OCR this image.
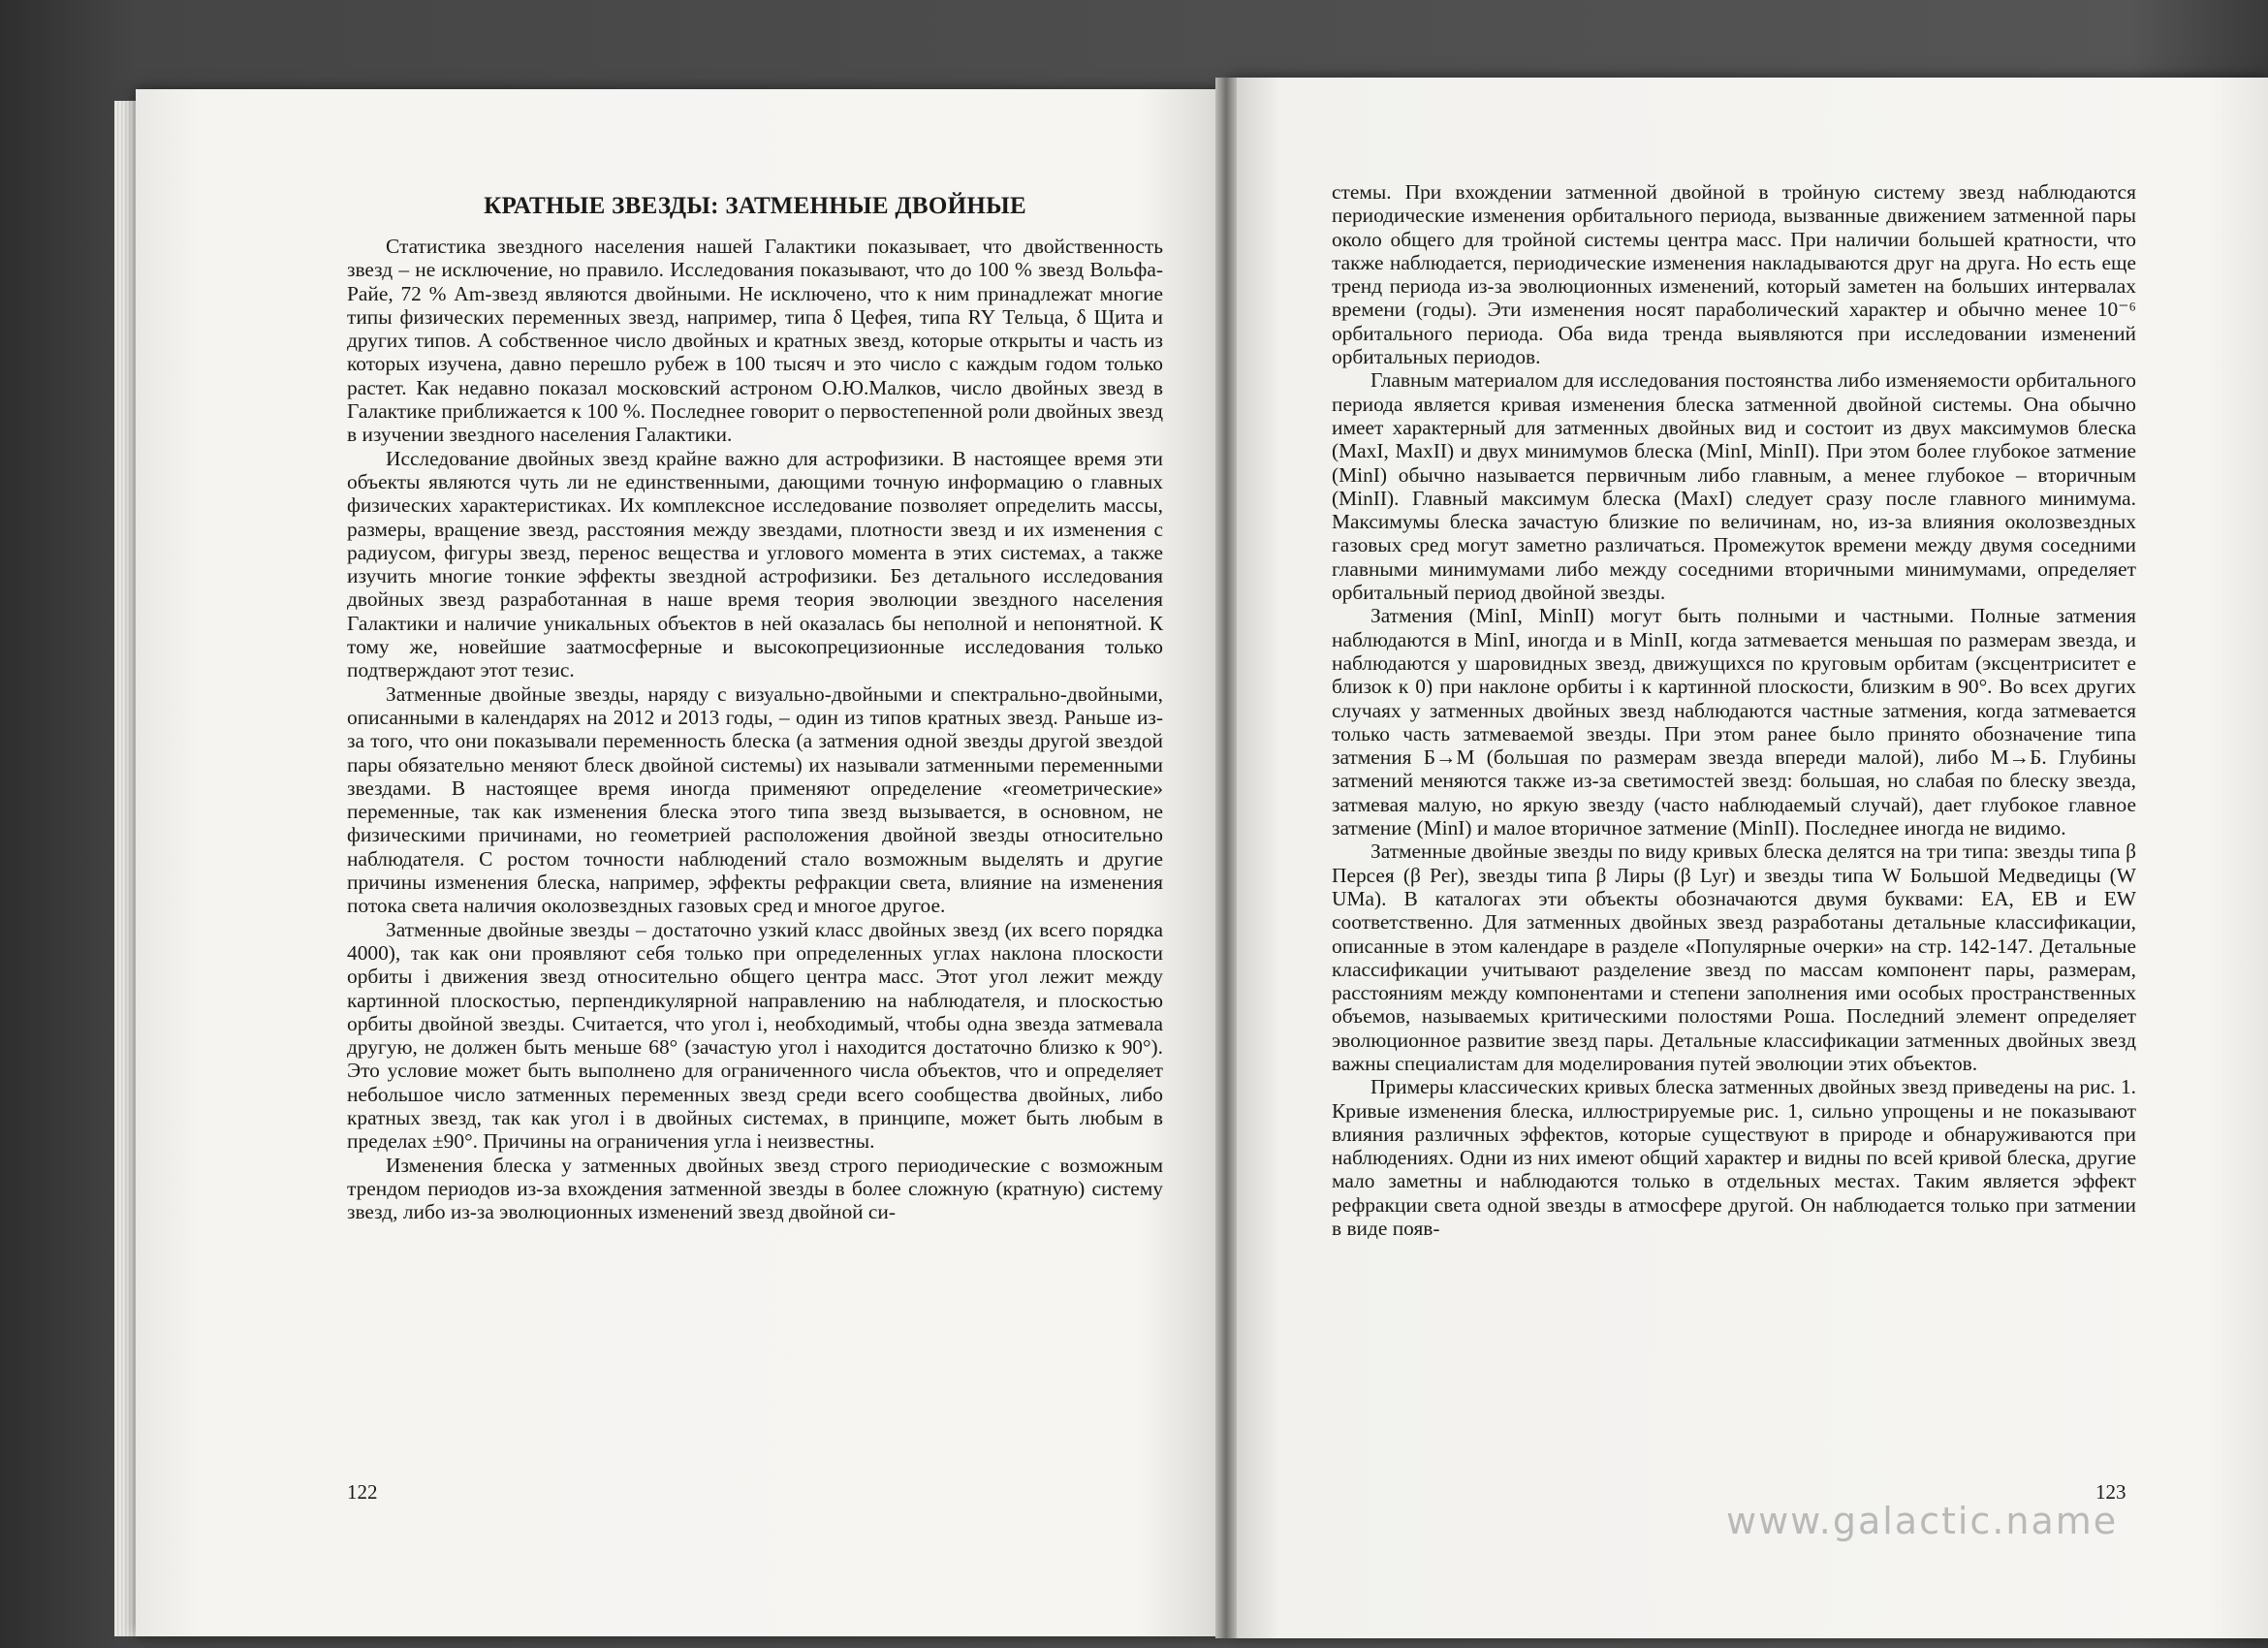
КРАТНЫЕ ЗВЕЗДЫ: ЗАТМЕННЫЕ ДВОЙНЫЕ

Статистика звездного населения нашей Галактики показывает, что двойственность звезд – не исключение, но правило. Исследования показывают, что до 100 % звезд Вольфа-Райе, 72 % Am-звезд являются двойными. Не исключено, что к ним принадлежат многие типы физических переменных звезд, например, типа δ Цефея, типа RY Тельца, δ Щита и других типов. А собственное число двойных и кратных звезд, которые открыты и часть из которых изучена, давно перешло рубеж в 100 тысяч и это число с каждым годом только растет. Как недавно показал московский астроном О.Ю.Малков, число двойных звезд в Галактике приближается к 100 %. Последнее говорит о первостепенной роли двойных звезд в изучении звездного населения Галактики.

Исследование двойных звезд крайне важно для астрофизики. В настоящее время эти объекты являются чуть ли не единственными, дающими точную информацию о главных физических характеристиках. Их комплексное исследование позволяет определить массы, размеры, вращение звезд, расстояния между звездами, плотности звезд и их изменения с радиусом, фигуры звезд, перенос вещества и углового момента в этих системах, а также изучить многие тонкие эффекты звездной астрофизики. Без детального исследования двойных звезд разработанная в наше время теория эволюции звездного населения Галактики и наличие уникальных объектов в ней оказалась бы неполной и непонятной. К тому же, новейшие заатмосферные и высокопрецизионные исследования только подтверждают этот тезис.

Затменные двойные звезды, наряду с визуально-двойными и спектрально-двойными, описанными в календарях на 2012 и 2013 годы, – один из типов кратных звезд. Раньше из-за того, что они показывали переменность блеска (а затмения одной звезды другой звездой пары обязательно меняют блеск двойной системы) их называли затменными переменными звездами. В настоящее время иногда применяют определение «геометрические» переменные, так как изменения блеска этого типа звезд вызывается, в основном, не физическими причинами, но геометрией расположения двойной звезды относительно наблюдателя. С ростом точности наблюдений стало возможным выделять и другие причины изменения блеска, например, эффекты рефракции света, влияние на изменения потока света наличия околозвездных газовых сред и многое другое.

Затменные двойные звезды – достаточно узкий класс двойных звезд (их всего порядка 4000), так как они проявляют себя только при определенных углах наклона плоскости орбиты i движения звезд относительно общего центра масс. Этот угол лежит между картинной плоскостью, перпендикулярной направлению на наблюдателя, и плоскостью орбиты двойной звезды. Считается, что угол i, необходимый, чтобы одна звезда затмевала другую, не должен быть меньше 68° (зачастую угол i находится достаточно близко к 90°). Это условие может быть выполнено для ограниченного числа объектов, что и определяет небольшое число затменных переменных звезд среди всего сообщества двойных, либо кратных звезд, так как угол i в двойных системах, в принципе, может быть любым в пределах ±90°. Причины на ограничения угла i неизвестны.

Изменения блеска у затменных двойных звезд строго периодические с возможным трендом периодов из-за вхождения затменной звезды в более сложную (кратную) систему звезд, либо из-за эволюционных изменений звезд двойной си-

122

стемы. При вхождении затменной двойной в тройную систему звезд наблюдаются периодические изменения орбитального периода, вызванные движением затменной пары около общего для тройной системы центра масс. При наличии большей кратности, что также наблюдается, периодические изменения накладываются друг на друга. Но есть еще тренд периода из-за эволюционных изменений, который заметен на больших интервалах времени (годы). Эти изменения носят параболический характер и обычно менее 10⁻⁶ орбитального периода. Оба вида тренда выявляются при исследовании изменений орбитальных периодов.

Главным материалом для исследования постоянства либо изменяемости орбитального периода является кривая изменения блеска затменной двойной системы. Она обычно имеет характерный для затменных двойных вид и состоит из двух максимумов блеска (MaxI, MaxII) и двух минимумов блеска (MinI, MinII). При этом более глубокое затмение (MinI) обычно называется первичным либо главным, а менее глубокое – вторичным (MinII). Главный максимум блеска (MaxI) следует сразу после главного минимума. Максимумы блеска зачастую близкие по величинам, но, из-за влияния околозвездных газовых сред могут заметно различаться. Промежуток времени между двумя соседними главными минимумами либо между соседними вторичными минимумами, определяет орбитальный период двойной звезды.

Затмения (MinI, MinII) могут быть полными и частными. Полные затмения наблюдаются в MinI, иногда и в MinII, когда затмевается меньшая по размерам звезда, и наблюдаются у шаровидных звезд, движущихся по круговым орбитам (эксцентриситет e близок к 0) при наклоне орбиты i к картинной плоскости, близким в 90°. Во всех других случаях у затменных двойных звезд наблюдаются частные затмения, когда затмевается только часть затмеваемой звезды. При этом ранее было принято обозначение типа затмения Б→М (большая по размерам звезда впереди малой), либо М→Б. Глубины затмений меняются также из-за светимостей звезд: большая, но слабая по блеску звезда, затмевая малую, но яркую звезду (часто наблюдаемый случай), дает глубокое главное затмение (MinI) и малое вторичное затмение (MinII). Последнее иногда не видимо.

Затменные двойные звезды по виду кривых блеска делятся на три типа: звезды типа β Персея (β Per), звезды типа β Лиры (β Lyr) и звезды типа W Большой Медведицы (W UMa). В каталогах эти объекты обозначаются двумя буквами: EA, EB и EW соответственно. Для затменных двойных звезд разработаны детальные классификации, описанные в этом календаре в разделе «Популярные очерки» на стр. 142-147. Детальные классификации учитывают разделение звезд по массам компонент пары, размерам, расстояниям между компонентами и степени заполнения ими особых пространственных объемов, называемых критическими полостями Роша. Последний элемент определяет эволюционное развитие звезд пары. Детальные классификации затменных двойных звезд важны специалистам для моделирования путей эволюции этих объектов.

Примеры классических кривых блеска затменных двойных звезд приведены на рис. 1. Кривые изменения блеска, иллюстрируемые рис. 1, сильно упрощены и не показывают влияния различных эффектов, которые существуют в природе и обнаруживаются при наблюдениях. Одни из них имеют общий характер и видны по всей кривой блеска, другие мало заметны и наблюдаются только в отдельных местах. Таким является эффект рефракции света одной звезды в атмосфере другой. Он наблюдается только при затмении в виде появ-

123
www.galactic.name
